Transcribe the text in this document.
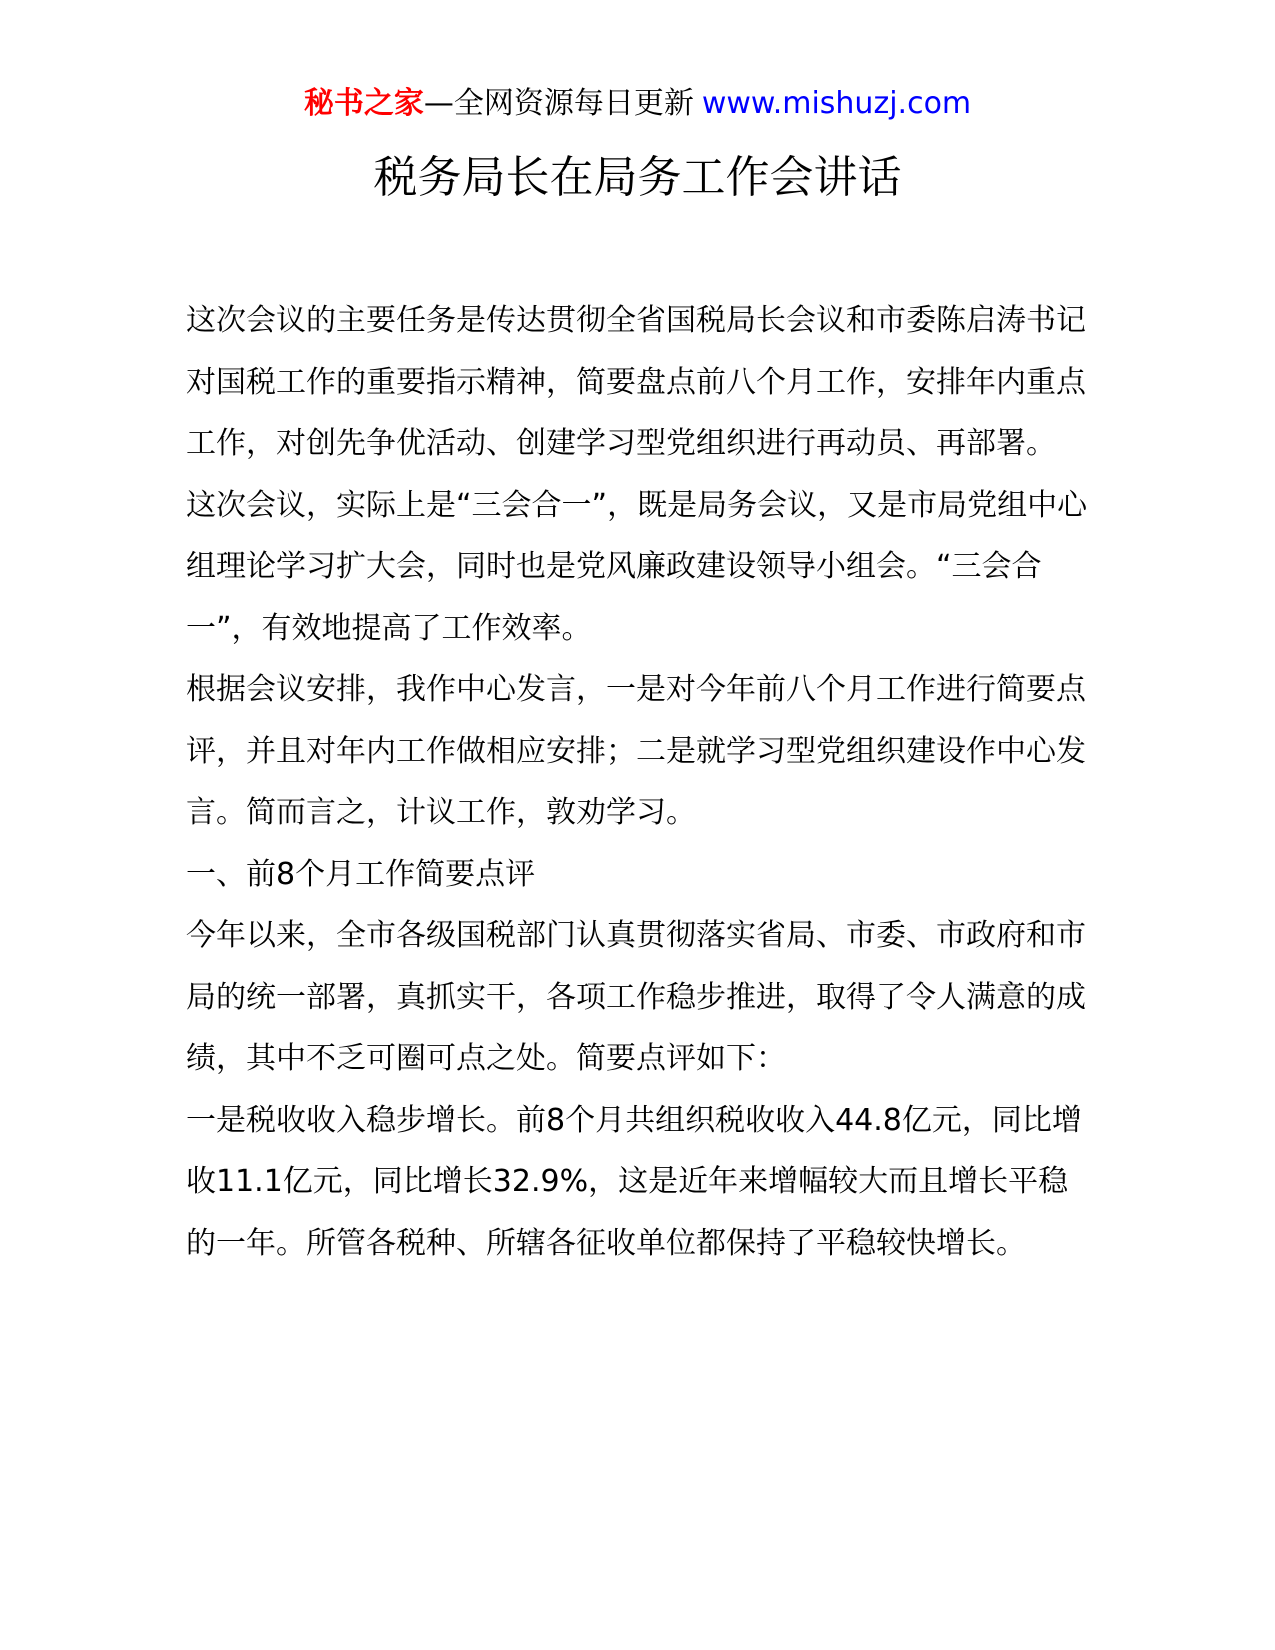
秘书之家—全网资源每日更新 www.mishuzj.com
税务局长在局务工作会讲话

这次会议的主要任务是传达贯彻全省国税局长会议和市委陈启涛书记对国税工作的重要指示精神，简要盘点前八个月工作，安排年内重点工作，对创先争优活动、创建学习型党组织进行再动员、再部署。

这次会议，实际上是“三会合一”，既是局务会议，又是市局党组中心组理论学习扩大会，同时也是党风廉政建设领导小组会。“三会合一”，有效地提高了工作效率。

根据会议安排，我作中心发言，一是对今年前八个月工作进行简要点评，并且对年内工作做相应安排；二是就学习型党组织建设作中心发言。简而言之，计议工作，敦劝学习。

一、前8个月工作简要点评

今年以来，全市各级国税部门认真贯彻落实省局、市委、市政府和市局的统一部署，真抓实干，各项工作稳步推进，取得了令人满意的成绩，其中不乏可圈可点之处。简要点评如下：

一是税收收入稳步增长。前8个月共组织税收收入44.8亿元，同比增收11.1亿元，同比增长32.9%，这是近年来增幅较大而且增长平稳的一年。所管各税种、所辖各征收单位都保持了平稳较快增长。
